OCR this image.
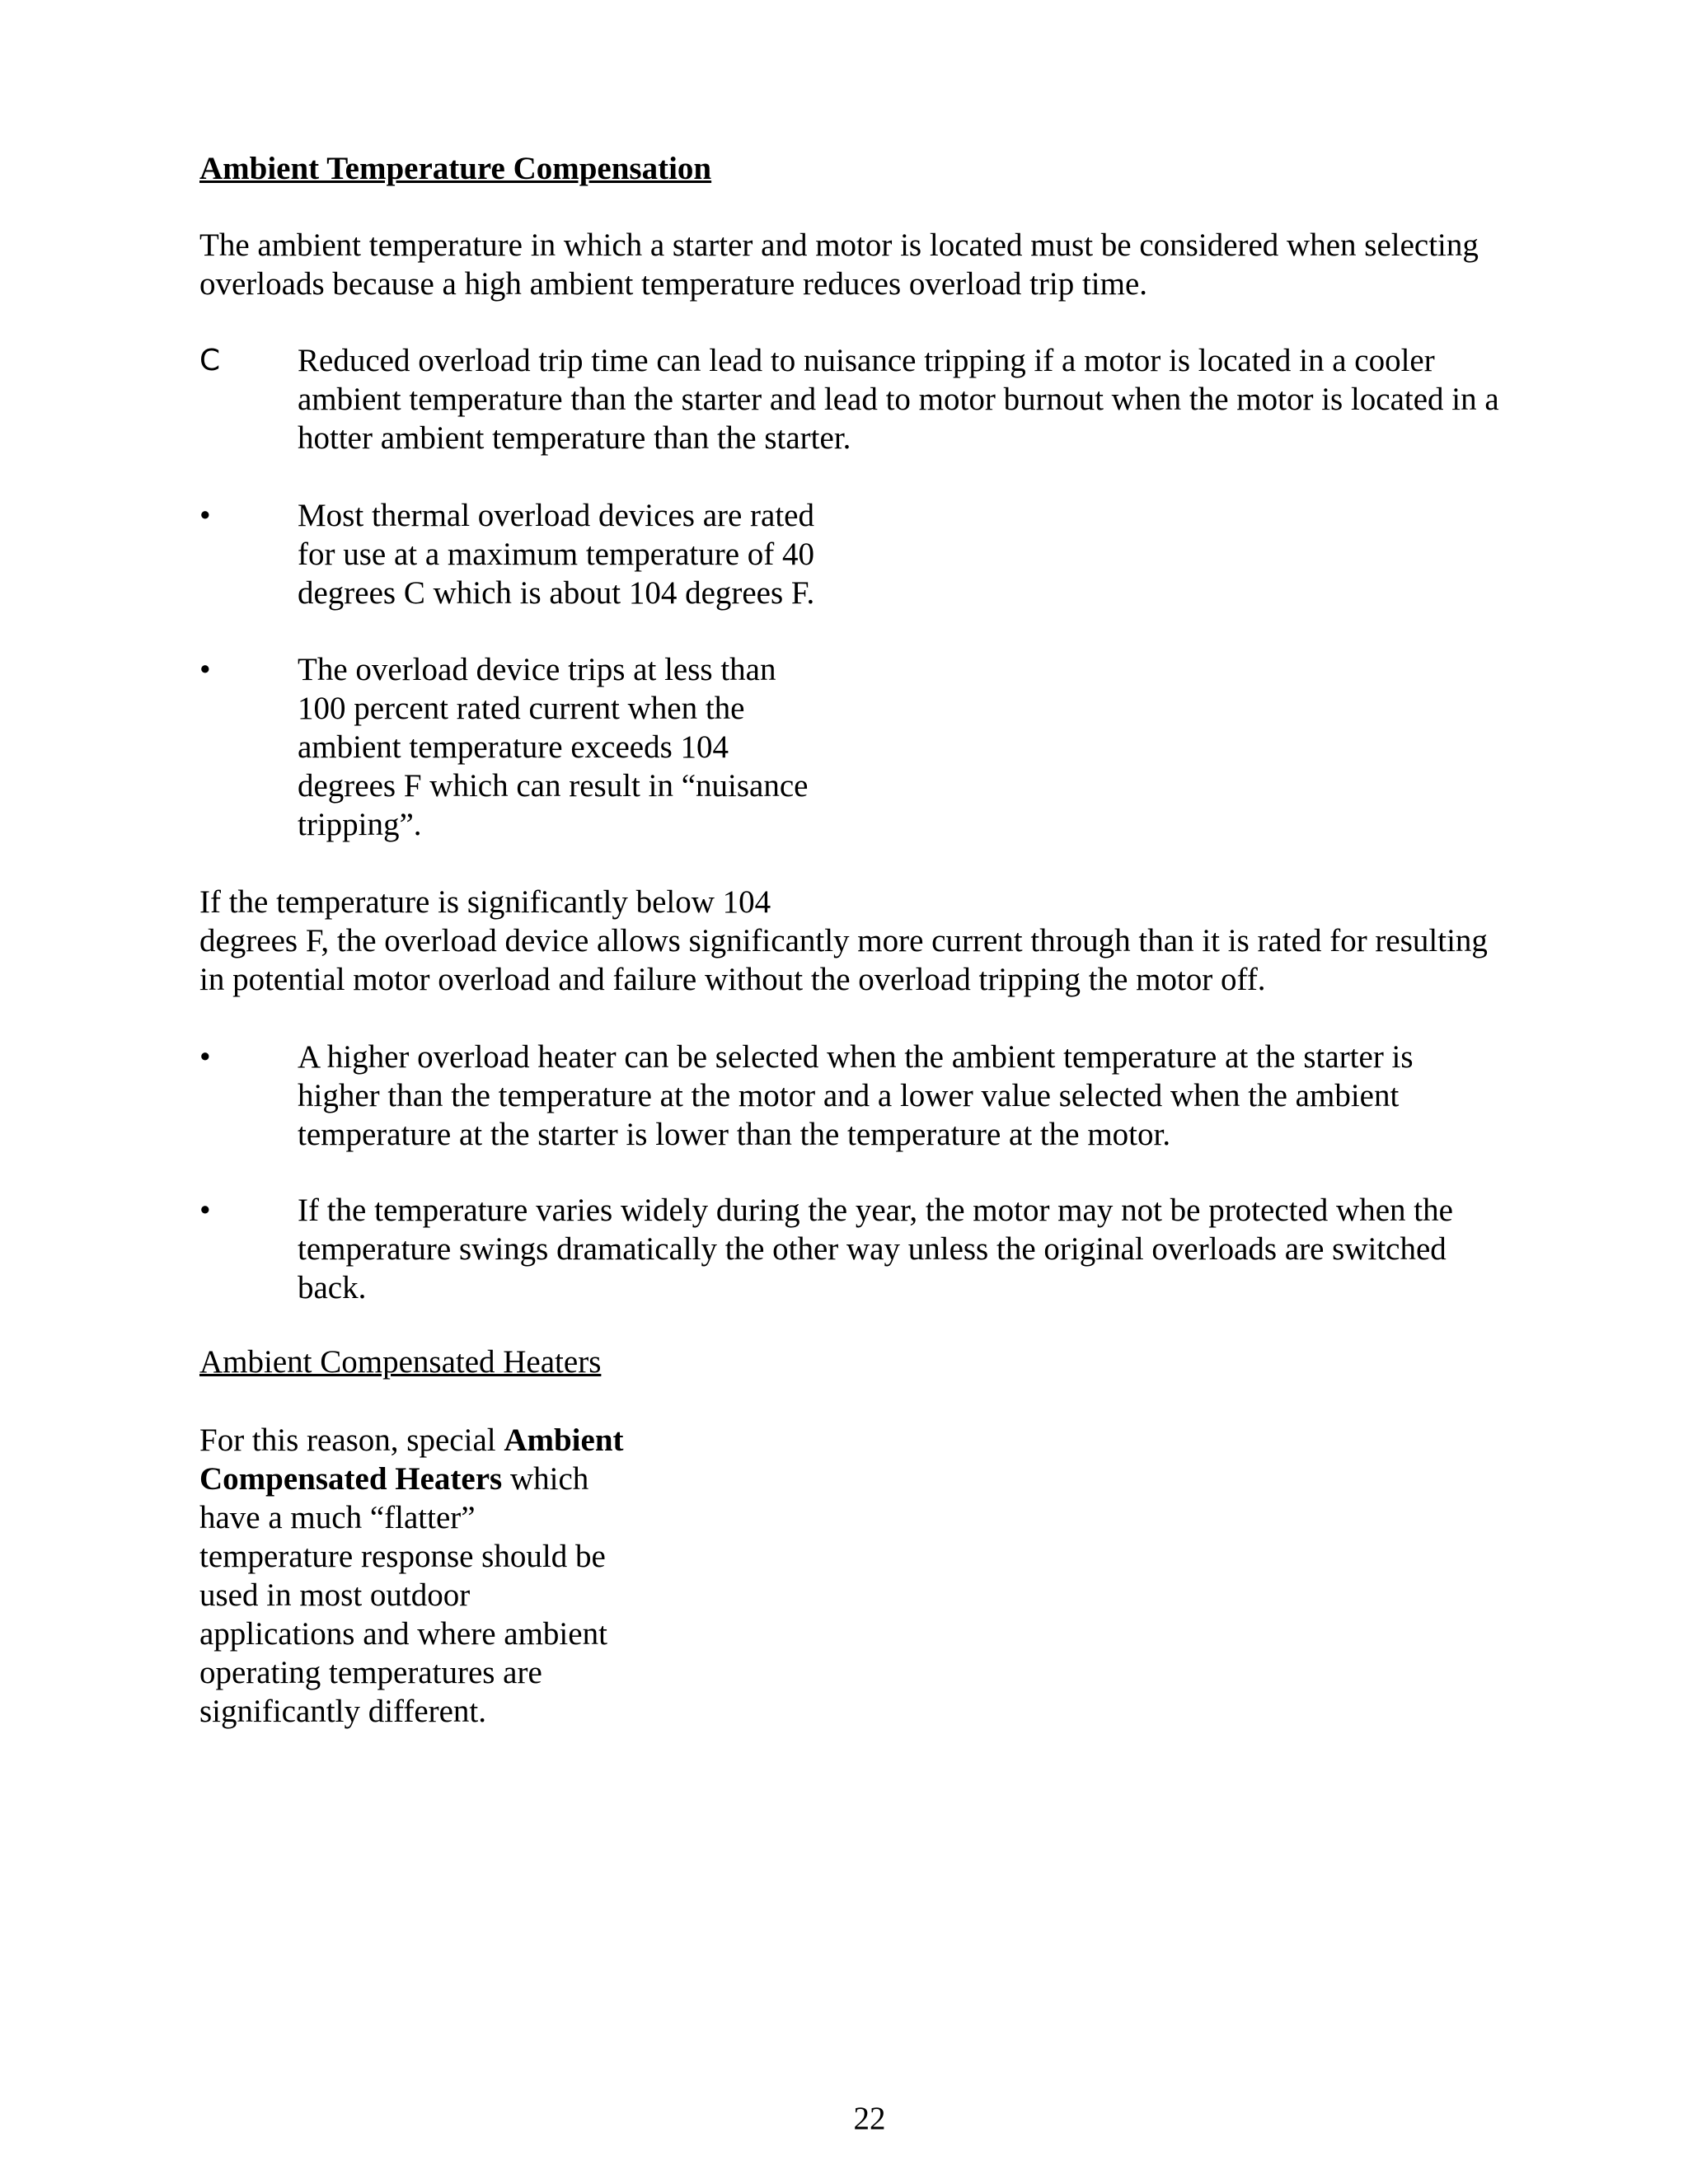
Ambient Temperature Compensation
The ambient temperature in which a starter and motor is located must be considered when selecting
overloads because a high ambient temperature reduces overload trip time.
C Reduced overload trip time can lead to nuisance tripping if a motor is located in a cooler
ambient temperature than the starter and lead to motor burnout when the motor is located in a
hotter ambient temperature than the starter.
•	Most thermal overload devices are rated
for use at a maximum temperature of 40
degrees C which is about 104 degrees F.
•	The overload device trips at less than
100 percent rated current when the
ambient temperature exceeds 104
degrees F which can result in “nuisance
tripping”.
If the temperature is significantly below 104
degrees F, the overload device allows significantly more current through than it is rated for resulting
in potential motor overload and failure without the overload tripping the motor off.
•	A higher overload heater can be selected when the ambient temperature at the starter is
higher than the temperature at the motor and a lower value selected when the ambient
temperature at the starter is lower than the temperature at the motor.
•	If the temperature varies widely during the year, the motor may not be protected when the
temperature swings dramatically the other way unless the original overloads are switched
back.
Ambient Compensated Heaters
For this reason, special Ambient
Compensated Heaters which
have a much “flatter”
temperature response should be
used in most outdoor
applications and where ambient
operating temperatures are
significantly different.
22
